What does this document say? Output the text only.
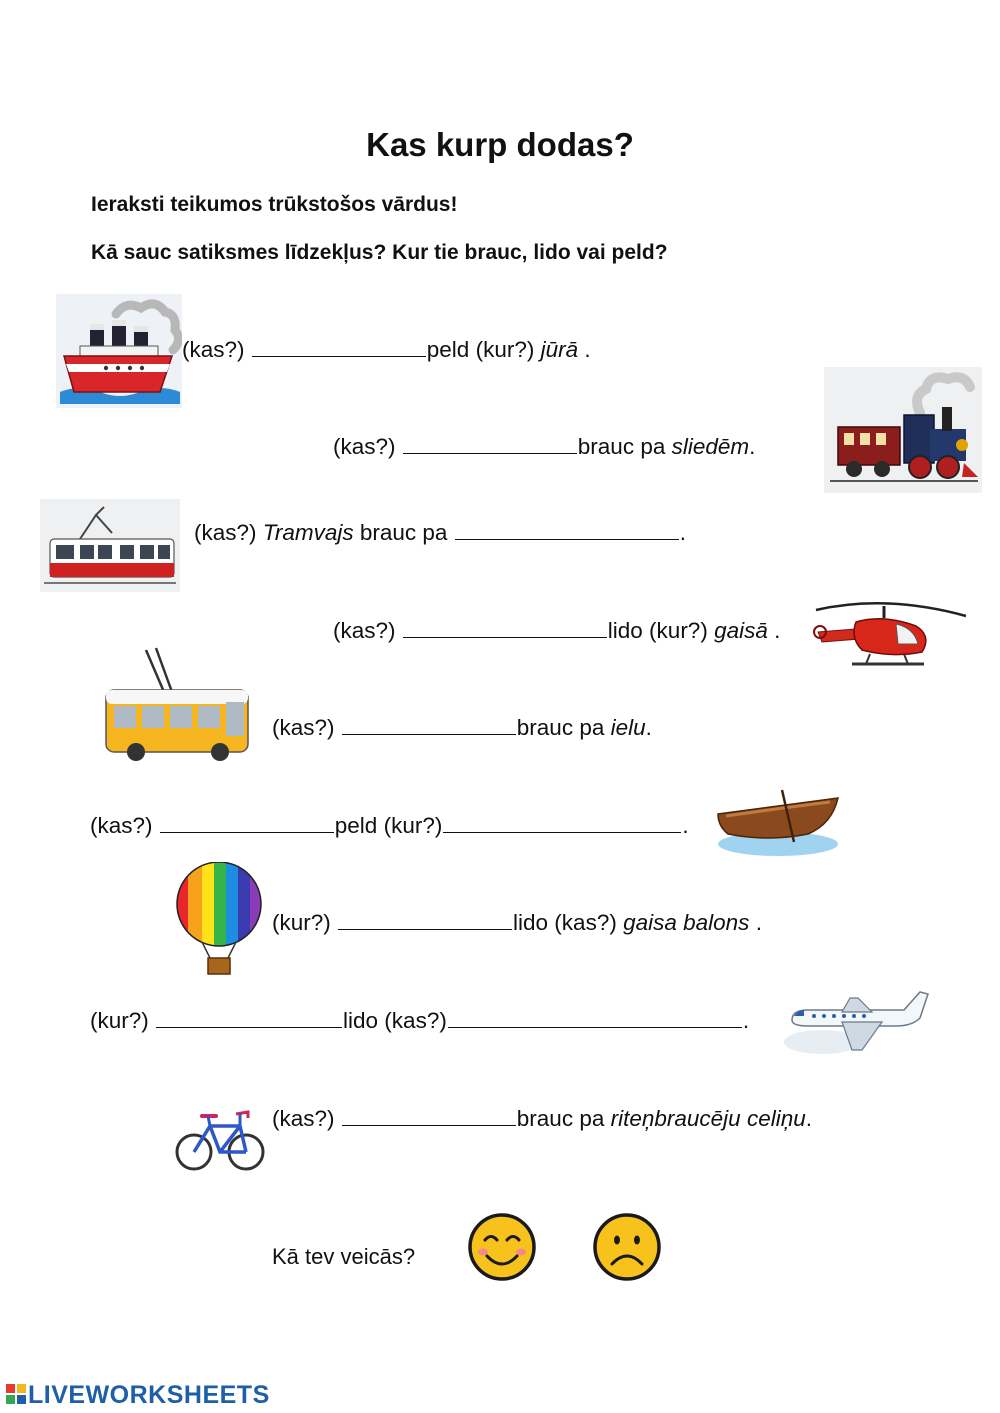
Kas kurp dodas?
Ieraksti teikumos trūkstošos vārdus!
Kā sauc satiksmes līdzekļus? Kur tie brauc, lido vai peld?
(kas?)	peld (kur?) jūrā .
(kas?)	brauc pa sliedēm.
(kas?) Tramvajs brauc pa	.
(kas?)	lido (kur?) gaisā .
(kas?)	brauc pa ielu.
(kas?)	peld (kur?)	.
(kur?)	lido (kas?) gaisa balons .
(kur?)	lido (kas?)	.
(kas?)	brauc pa riteņbraucēju celiņu.
Kā tev veicās?
LIVEWORKSHEETS
